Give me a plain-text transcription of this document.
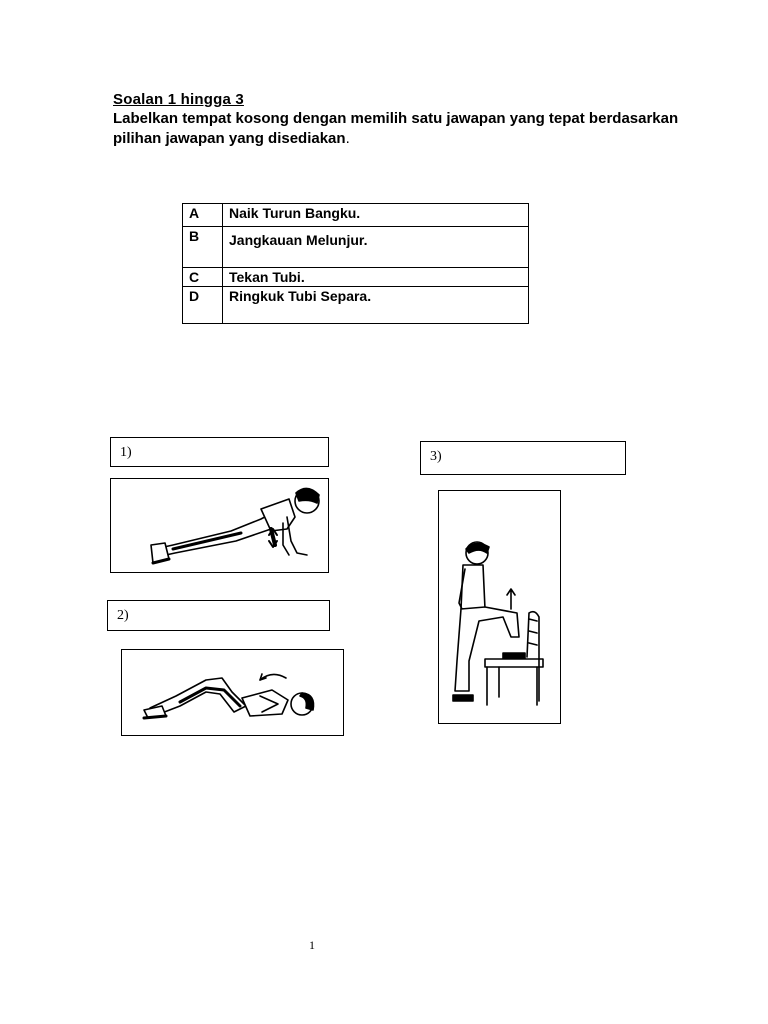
Soalan 1 hingga 3
Labelkan tempat kosong dengan memilih satu jawapan yang tepat berdasarkan pilihan jawapan yang disediakan.
A	Naik Turun Bangku.
B	Jangkauan Melunjur.
C	Tekan Tubi.
D	Ringkuk Tubi Separa.
1)
2)
3)
1
